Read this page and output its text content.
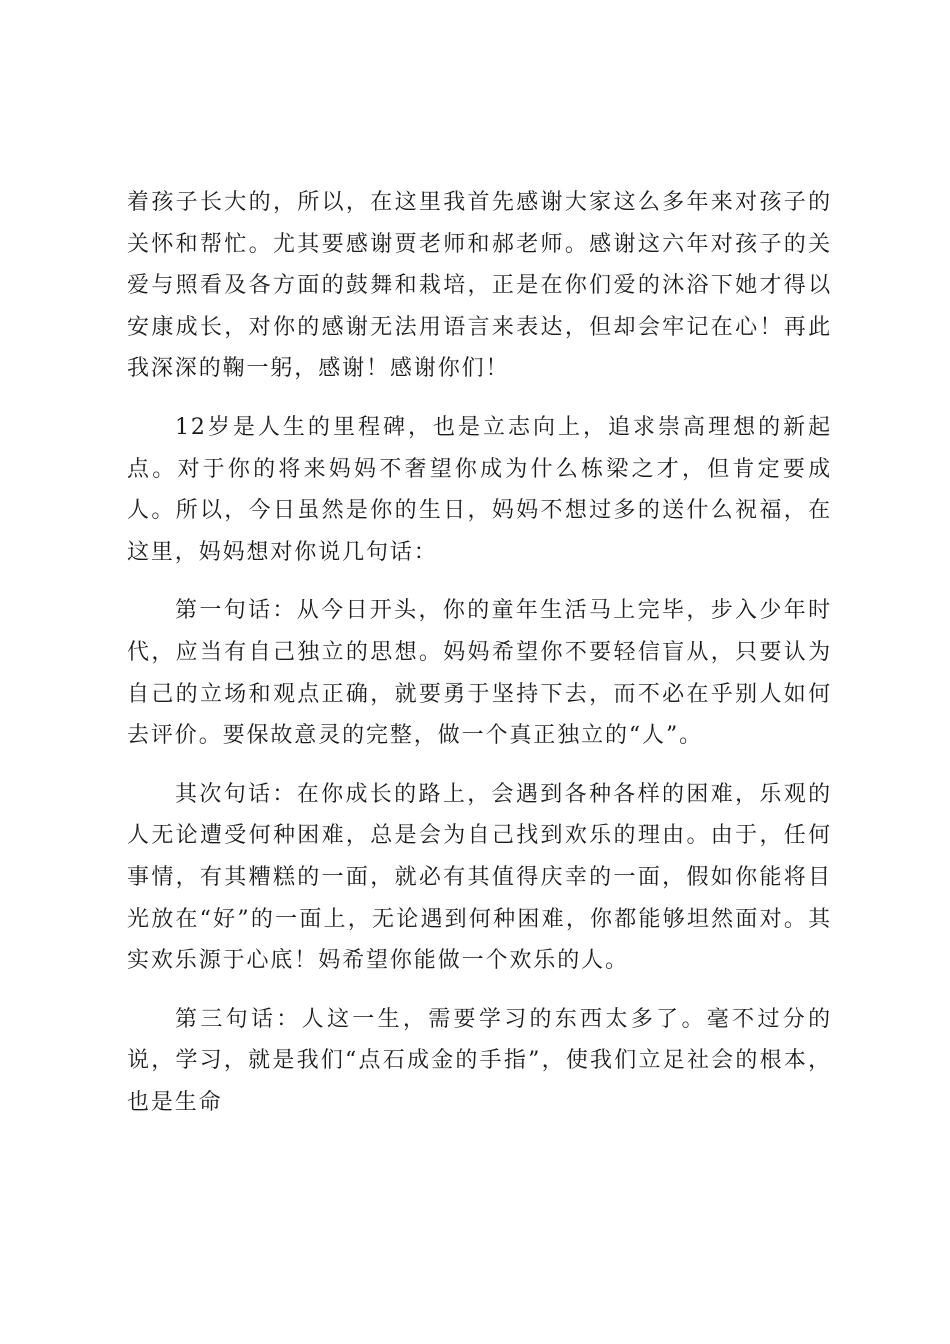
着孩子长大的，所以，在这里我首先感谢大家这么多年来对孩子的关怀和帮忙。尤其要感谢贾老师和郝老师。感谢这六年对孩子的关爱与照看及各方面的鼓舞和栽培，正是在你们爱的沐浴下她才得以安康成长，对你的感谢无法用语言来表达，但却会牢记在心！再此我深深的鞠一躬，感谢！感谢你们！

12岁是人生的里程碑，也是立志向上，追求崇高理想的新起点。对于你的将来妈妈不奢望你成为什么栋梁之才，但肯定要成人。所以，今日虽然是你的生日，妈妈不想过多的送什么祝福，在这里，妈妈想对你说几句话：

第一句话：从今日开头，你的童年生活马上完毕，步入少年时代，应当有自己独立的思想。妈妈希望你不要轻信盲从，只要认为自己的立场和观点正确，就要勇于坚持下去，而不必在乎别人如何去评价。要保故意灵的完整，做一个真正独立的“人”。

其次句话：在你成长的路上，会遇到各种各样的困难，乐观的人无论遭受何种困难，总是会为自己找到欢乐的理由。由于，任何事情，有其糟糕的一面，就必有其值得庆幸的一面，假如你能将目光放在“好”的一面上，无论遇到何种困难，你都能够坦然面对。其实欢乐源于心底！妈希望你能做一个欢乐的人。

第三句话：人这一生，需要学习的东西太多了。毫不过分的说，学习，就是我们“点石成金的手指”，使我们立足社会的根本，也是生命
